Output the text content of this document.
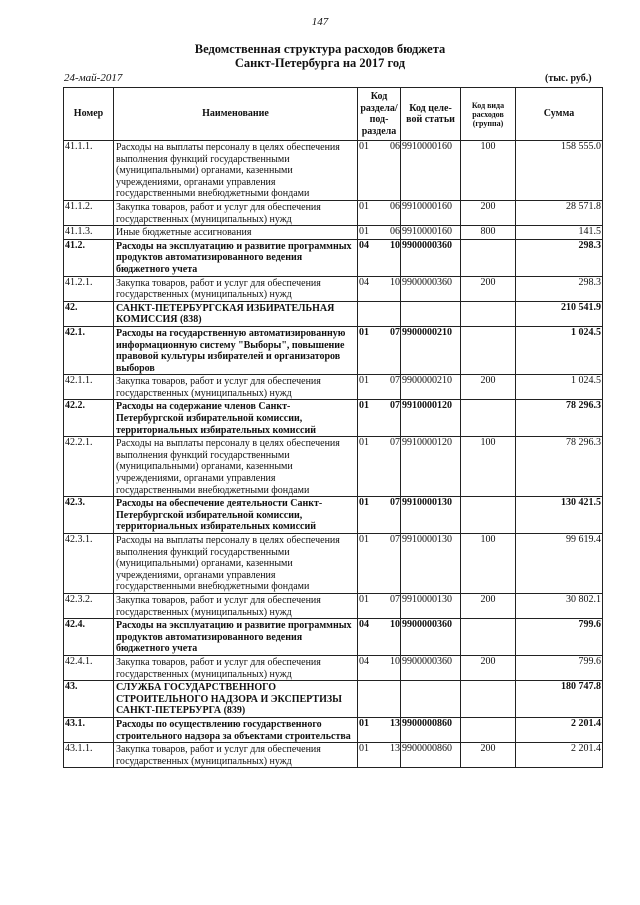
147
Ведомственная структура расходов бюджета
Санкт-Петербурга на 2017 год
24-май-2017	(тыс. руб.)
Номер	Наименование	Код раздела/ под-раздела	Код целе-вой статьи	Код вида расходов (группа)	Сумма
41.1.1.	Расходы на выплаты персоналу в целях обеспечения выполнения функций государственными (муниципальными) органами, казенными учреждениями, органами управления государственными внебюджетными фондами	01 06	9910000160	100	158 555.0
41.1.2.	Закупка товаров, работ и услуг для обеспечения государственных (муниципальных) нужд	01 06	9910000160	200	28 571.8
41.1.3.	Иные бюджетные ассигнования	01 06	9910000160	800	141.5
41.2.	Расходы на эксплуатацию и развитие программных продуктов автоматизированного ведения бюджетного учета	04 10	9900000360		298.3
41.2.1.	Закупка товаров, работ и услуг для обеспечения государственных (муниципальных) нужд	04 10	9900000360	200	298.3
42.	САНКТ-ПЕТЕРБУРГСКАЯ ИЗБИРАТЕЛЬНАЯ КОМИССИЯ (838)				210 541.9
42.1.	Расходы на государственную автоматизированную информационную систему "Выборы", повышение правовой культуры избирателей и организаторов выборов	01 07	9900000210		1 024.5
42.1.1.	Закупка товаров, работ и услуг для обеспечения государственных (муниципальных) нужд	01 07	9900000210	200	1 024.5
42.2.	Расходы на содержание членов Санкт-Петербургской избирательной комиссии, территориальных избирательных комиссий	01 07	9910000120		78 296.3
42.2.1.	Расходы на выплаты персоналу в целях обеспечения выполнения функций государственными (муниципальными) органами, казенными учреждениями, органами управления государственными внебюджетными фондами	01 07	9910000120	100	78 296.3
42.3.	Расходы на обеспечение деятельности Санкт-Петербургской избирательной комиссии, территориальных избирательных комиссий	01 07	9910000130		130 421.5
42.3.1.	Расходы на выплаты персоналу в целях обеспечения выполнения функций государственными (муниципальными) органами, казенными учреждениями, органами управления государственными внебюджетными фондами	01 07	9910000130	100	99 619.4
42.3.2.	Закупка товаров, работ и услуг для обеспечения государственных (муниципальных) нужд	01 07	9910000130	200	30 802.1
42.4.	Расходы на эксплуатацию и развитие программных продуктов автоматизированного ведения бюджетного учета	04 10	9900000360		799.6
42.4.1.	Закупка товаров, работ и услуг для обеспечения государственных (муниципальных) нужд	04 10	9900000360	200	799.6
43.	СЛУЖБА ГОСУДАРСТВЕННОГО СТРОИТЕЛЬНОГО НАДЗОРА И ЭКСПЕРТИЗЫ САНКТ-ПЕТЕРБУРГА (839)				180 747.8
43.1.	Расходы по осуществлению государственного строительного надзора за объектами строительства	01 13	9900000860		2 201.4
43.1.1.	Закупка товаров, работ и услуг для обеспечения государственных (муниципальных) нужд	01 13	9900000860	200	2 201.4
